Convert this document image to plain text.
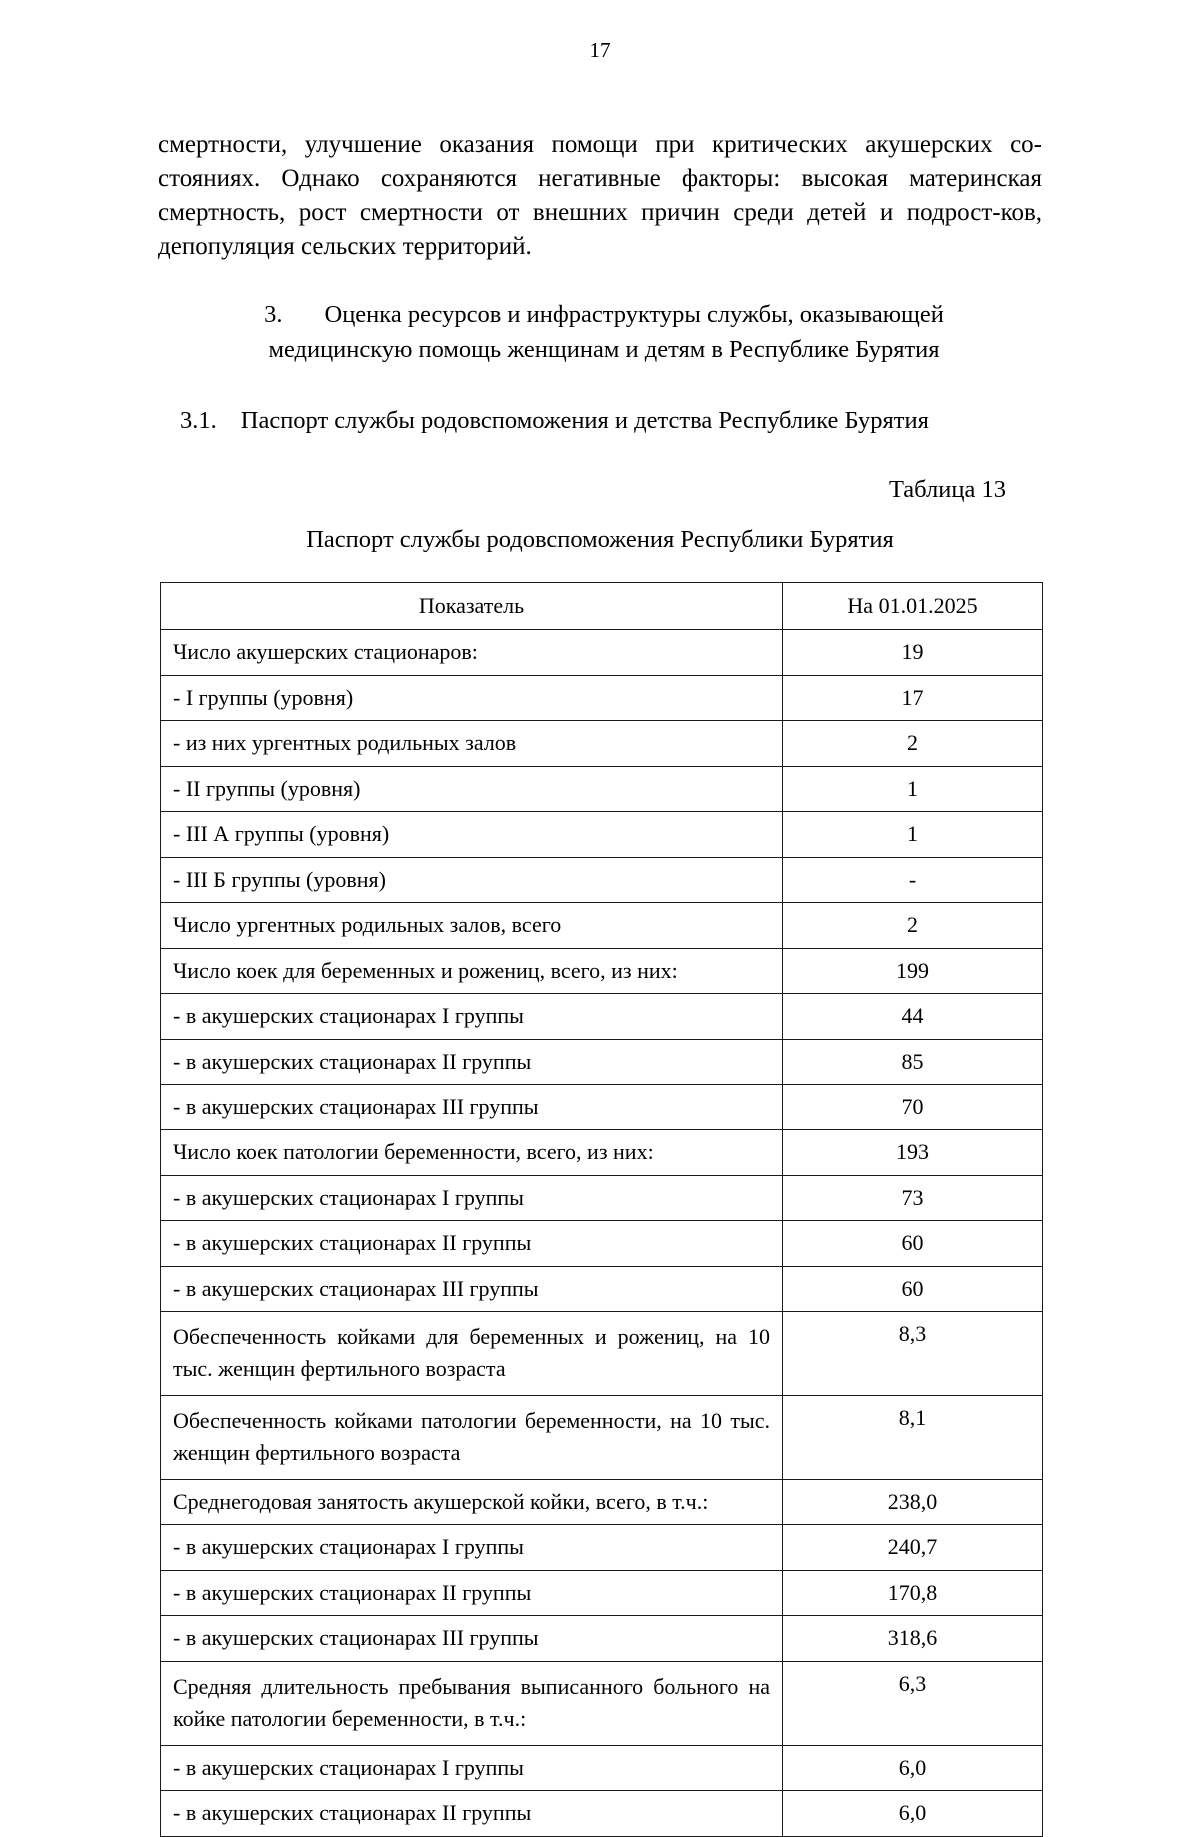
17

смертности, улучшение оказания помощи при критических акушерских со-стояниях. Однако сохраняются негативные факторы: высокая материнская смертность, рост смертности от внешних причин среди детей и подрост-ков, депопуляция сельских территорий.

3. Оценка ресурсов и инфраструктуры службы, оказывающей медицинскую помощь женщинам и детям в Республике Бурятия
3.1. Паспорт службы родовспоможения и детства Республике Бурятия
Таблица 13
Паспорт службы родовспоможения Республики Бурятия
Показатель	На 01.01.2025
Число акушерских стационаров:	19
- I группы (уровня)	17
- из них ургентных родильных залов	2
- II группы (уровня)	1
- III А группы (уровня)	1
- III Б группы (уровня)	-
Число ургентных родильных залов, всего	2
Число коек для беременных и рожениц, всего, из них:	199
- в акушерских стационарах I группы	44
- в акушерских стационарах II группы	85
- в акушерских стационарах III группы	70
Число коек патологии беременности, всего, из них:	193
- в акушерских стационарах I группы	73
- в акушерских стационарах II группы	60
- в акушерских стационарах III группы	60
Обеспеченность койками для беременных и рожениц, на 10 тыс. женщин фертильного возраста	8,3
Обеспеченность койками патологии беременности, на 10 тыс. женщин фертильного возраста	8,1
Среднегодовая занятость акушерской койки, всего, в т.ч.:	238,0
- в акушерских стационарах I группы	240,7
- в акушерских стационарах II группы	170,8
- в акушерских стационарах III группы	318,6
Средняя длительность пребывания выписанного больного на койке патологии беременности, в т.ч.:	6,3
- в акушерских стационарах I группы	6,0
- в акушерских стационарах II группы	6,0
